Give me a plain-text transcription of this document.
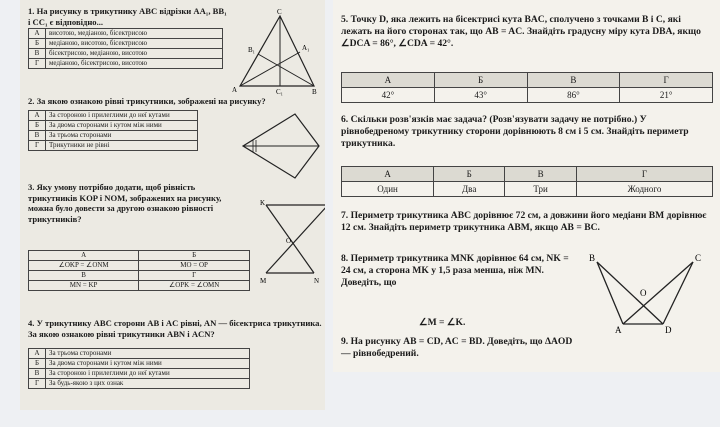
1. На рисунку в трикутнику ABC відрізки AA₁, BB₁ і CC₁ є відповідно...
А	висотою, медіаною, бісектрисою
Б	медіаною, висотою, бісектрисою
В	бісектрисою, медіаною, висотою
Г	медіаною, бісектрисою, висотою
C
A	B
A₁
B₁
C₁
2. За якою ознакою рівні трикутники, зображені на рисунку?
А	За стороною і прилеглими до неї кутами
Б	За двома сторонами і кутом між ними
В	За трьома сторонами
Г	Трикутники не рівні
3. Яку умову потрібно додати, щоб рівність трикутників KOP і NOM, зображених на рисунку, можна було довести за другою ознакою рівності трикутників?
А	Б
∠OKP = ∠ONM	MO = OP
В	Г
MN = KP	∠OPK = ∠OMN
K	P
O
M	N
4. У трикутнику ABC сторони AB і AC рівні, AN — бісектриса трикутника. За якою ознакою рівні трикутники ABN і ACN?
А	За трьома сторонами
Б	За двома сторонами і кутом між ними
В	За стороною і прилеглими до неї кутами
Г	За будь-якою з цих ознак
5. Точку D, яка лежить на бісектрисі кута BAC, сполучено з точками B і C, які лежать на його сторонах так, що AB = AC. Знайдіть градусну міру кута DBA, якщо ∠DCA = 86°, ∠CDA = 42°.
А	Б	В	Г
42°	43°	86°	21°
6. Скільки розв'язків має задача? (Розв'язувати задачу не потрібно.) У рівнобедреному трикутнику сторони дорівнюють 8 см і 5 см. Знайдіть периметр трикутника.
А	Б	В	Г
Один	Два	Три	Жодного
7. Периметр трикутника ABC дорівнює 72 см, а довжини його медіани BM дорівнює 12 см. Знайдіть периметр трикутника ABM, якщо AB = BC.
8. Периметр трикутника MNK дорівнює 64 см, NK = 24 см, а сторона MK у 1,5 раза менша, ніж MN. Доведіть, що
∠M = ∠K.
9. На рисунку AB = CD, AC = BD. Доведіть, що ΔAOD — рівнобедрений.
B	C
O
A	D
